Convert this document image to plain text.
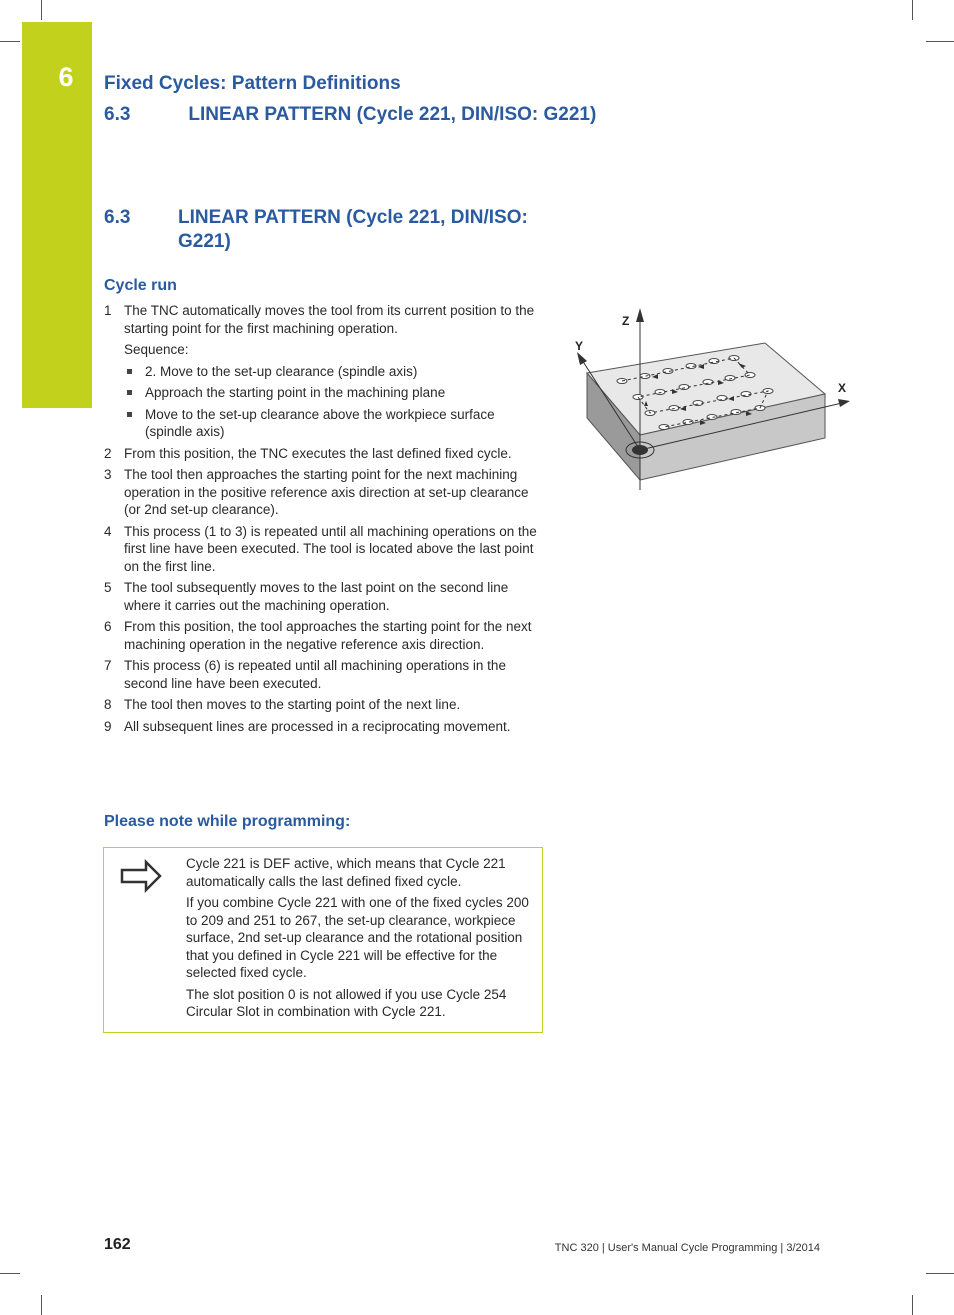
6	Fixed Cycles: Pattern Definitions
6.3	LINEAR PATTERN (Cycle 221, DIN/ISO: G221)
6.3	LINEAR PATTERN (Cycle 221, DIN/ISO: G221)
Cycle run
1 The TNC automatically moves the tool from its current position to the starting point for the first machining operation.
Sequence:
2. Move to the set-up clearance (spindle axis)
Approach the starting point in the machining plane
Move to the set-up clearance above the workpiece surface (spindle axis)
2 From this position, the TNC executes the last defined fixed cycle.
3 The tool then approaches the starting point for the next machining operation in the positive reference axis direction at set-up clearance (or 2nd set-up clearance).
4 This process (1 to 3) is repeated until all machining operations on the first line have been executed. The tool is located above the last point on the first line.
5 The tool subsequently moves to the last point on the second line where it carries out the machining operation.
6 From this position, the tool approaches the starting point for the next machining operation in the negative reference axis direction.
7 This process (6) is repeated until all machining operations in the second line have been executed.
8 The tool then moves to the starting point of the next line.
9 All subsequent lines are processed in a reciprocating movement.
Please note while programming:

Cycle 221 is DEF active, which means that Cycle 221 automatically calls the last defined fixed cycle.

If you combine Cycle 221 with one of the fixed cycles 200 to 209 and 251 to 267, the set-up clearance, workpiece surface, 2nd set-up clearance and the rotational position that you defined in Cycle 221 will be effective for the selected fixed cycle.

The slot position 0 is not allowed if you use Cycle 254 Circular Slot in combination with Cycle 221.

Z
Y
X
162	TNC 320 | User's Manual Cycle Programming | 3/2014
